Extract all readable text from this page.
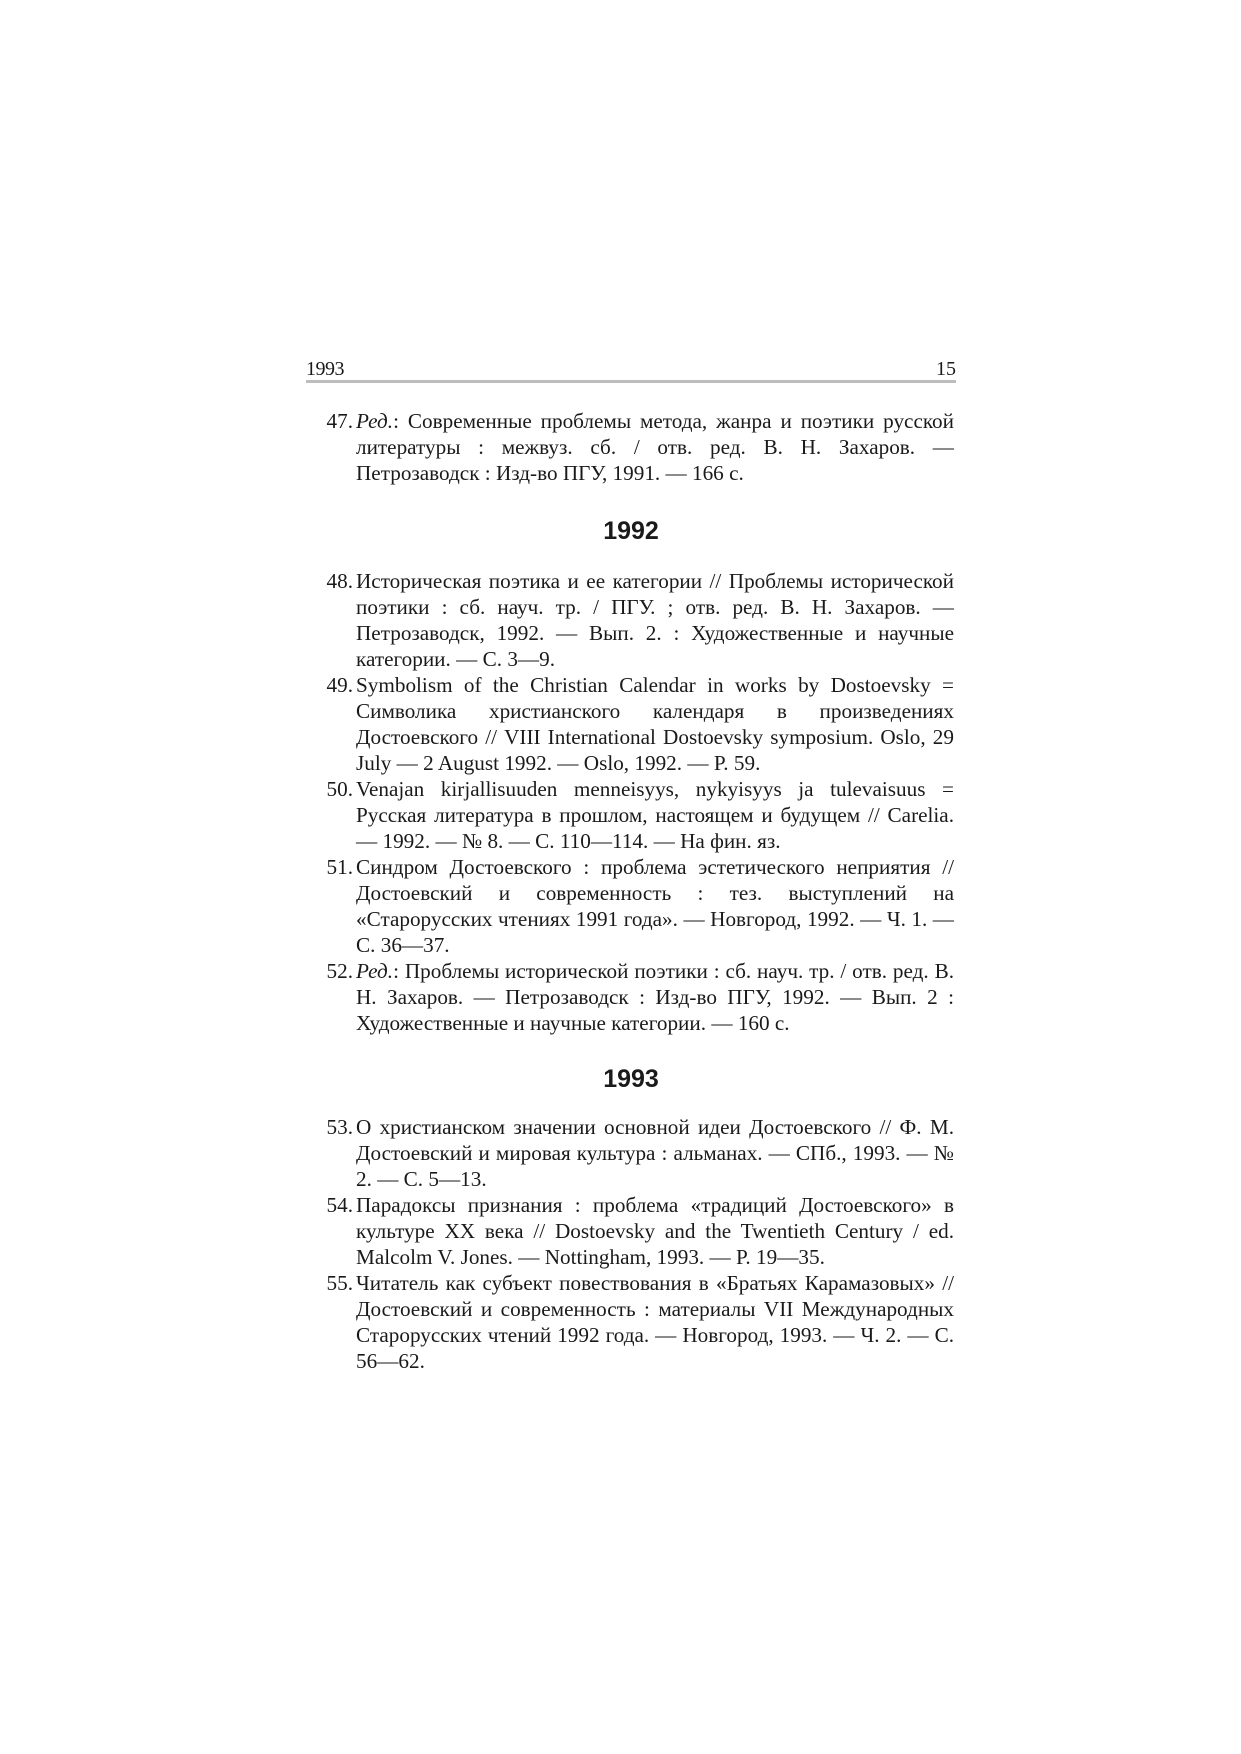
1993	15
47. Ред.: Современные проблемы метода, жанра и поэтики русской литературы : межвуз. сб. / отв. ред. В. Н. Захаров. — Петрозаводск : Изд-во ПГУ, 1991. — 166 с.
1992
48. Историческая поэтика и ее категории // Проблемы исторической поэтики : сб. науч. тр. / ПГУ. ; отв. ред. В. Н. Захаров. — Петрозаводск, 1992. — Вып. 2. : Художественные и научные категории. — С. 3—9.
49. Symbolism of the Christian Calendar in works by Dostoevsky = Символика христианского календаря в произведениях Достоевского // VIII International Dostoevsky symposium. Oslo, 29 July — 2 August 1992. — Oslo, 1992. — P. 59.
50. Venajan kirjallisuuden menneisyys, nykyisyys ja tulevaisuus = Русская литература в прошлом, настоящем и будущем // Carelia. — 1992. — № 8. — С. 110—114. — На фин. яз.
51. Синдром Достоевского : проблема эстетического неприятия // Достоевский и современность : тез. выступлений на «Старорусских чтениях 1991 года». — Новгород, 1992. — Ч. 1. — С. 36—37.
52. Ред.: Проблемы исторической поэтики : сб. науч. тр. / отв. ред. В. Н. Захаров. — Петрозаводск : Изд-во ПГУ, 1992. — Вып. 2 : Художественные и научные категории. — 160 с.
1993
53. О христианском значении основной идеи Достоевского // Ф. М. Достоевский и мировая культура : альманах. — СПб., 1993. — № 2. — С. 5—13.
54. Парадоксы признания : проблема «традиций Достоевского» в культуре XX века // Dostoevsky and the Twentieth Century / ed. Malcolm V. Jones. — Nottingham, 1993. — P. 19—35.
55. Читатель как субъект повествования в «Братьях Карамазовых» // Достоевский и современность : материалы VII Международных Старорусских чтений 1992 года. — Новгород, 1993. — Ч. 2. — С. 56—62.
